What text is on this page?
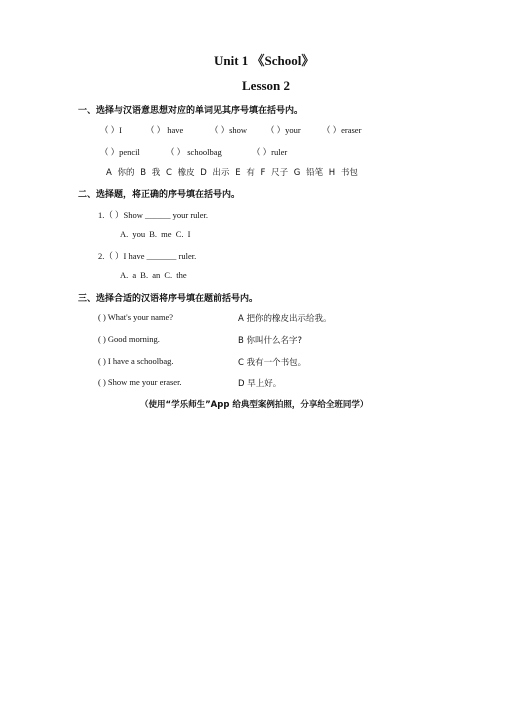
Unit 1 《School》
Lesson 2
一、选择与汉语意思想对应的单词见其序号填在括号内。
（ ）I	（ ） have	（ ）show （ ）your	（ ）eraser
（ ）pencil	（ ） schoolbag	（ ）ruler
A 你的 B 我 C 橡皮 D 出示 E 有 F 尺子 G 铅笔 H 书包
二、选择题，将正确的序号填在括号内。
1.（ ）Show ______ your ruler.
A. you B. me C. I
2.（ ）I have _______ ruler.
A. a B. an C. the
三、选择合适的汉语将序号填在题前括号内。
( ) What's your name?	A 把你的橡皮出示给我。
( ) Good morning.	B 你叫什么名字?
( ) I have a schoolbag.	C 我有一个书包。
( ) Show me your eraser.	D 早上好。
（使用“学乐师生”App 给典型案例拍照，分享给全班同学）
